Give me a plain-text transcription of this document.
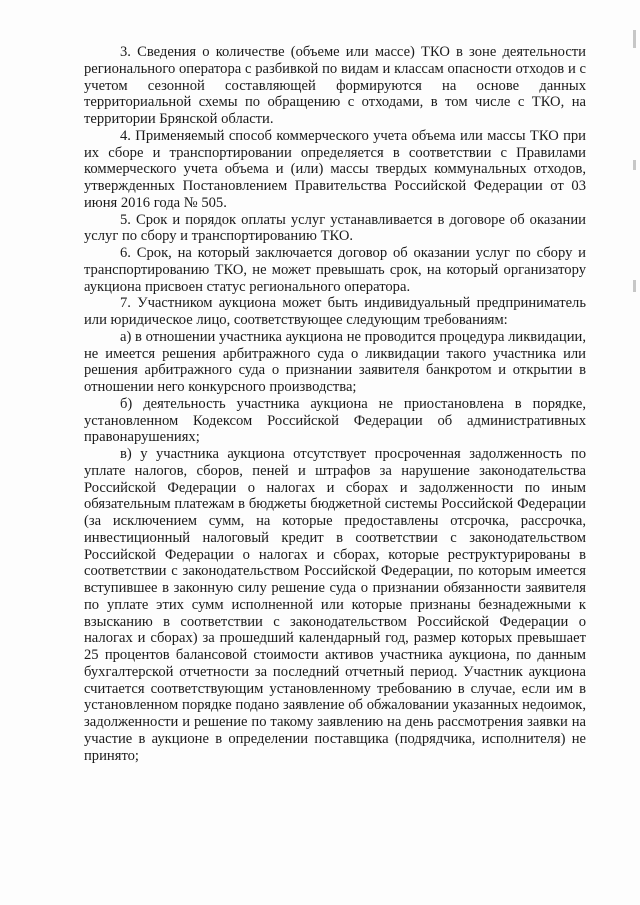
3. Сведения о количестве (объеме или массе) ТКО в зоне деятельности регионального оператора с разбивкой по видам и классам опасности отходов и с учетом сезонной составляющей формируются на основе данных территориальной схемы по обращению с отходами, в том числе с ТКО, на территории Брянской области.

4. Применяемый способ коммерческого учета объема или массы ТКО при их сборе и транспортировании определяется в соответствии с Правилами коммерческого учета объема и (или) массы твердых коммунальных отходов, утвержденных Постановлением Правительства Российской Федерации от 03 июня 2016 года № 505.

5. Срок и порядок оплаты услуг устанавливается в договоре об оказании услуг по сбору и транспортированию ТКО.

6. Срок, на который заключается договор об оказании услуг по сбору и транспортированию ТКО, не может превышать срок, на который организатору аукциона присвоен статус регионального оператора.

7. Участником аукциона может быть индивидуальный предприниматель или юридическое лицо, соответствующее следующим требованиям:

а) в отношении участника аукциона не проводится процедура ликвидации, не имеется решения арбитражного суда о ликвидации такого участника или решения арбитражного суда о признании заявителя банкротом и открытии в отношении него конкурсного производства;

б) деятельность участника аукциона не приостановлена в порядке, установленном Кодексом Российской Федерации об административных правонарушениях;

в) у участника аукциона отсутствует просроченная задолженность по уплате налогов, сборов, пеней и штрафов за нарушение законодательства Российской Федерации о налогах и сборах и задолженности по иным обязательным платежам в бюджеты бюджетной системы Российской Федерации (за исключением сумм, на которые предоставлены отсрочка, рассрочка, инвестиционный налоговый кредит в соответствии с законодательством Российской Федерации о налогах и сборах, которые реструктурированы в соответствии с законодательством Российской Федерации, по которым имеется вступившее в законную силу решение суда о признании обязанности заявителя по уплате этих сумм исполненной или которые признаны безнадежными к взысканию в соответствии с законодательством Российской Федерации о налогах и сборах) за прошедший календарный год, размер которых превышает 25 процентов балансовой стоимости активов участника аукциона, по данным бухгалтерской отчетности за последний отчетный период. Участник аукциона считается соответствующим установленному требованию в случае, если им в установленном порядке подано заявление об обжаловании указанных недоимок, задолженности и решение по такому заявлению на день рассмотрения заявки на участие в аукционе в определении поставщика (подрядчика, исполнителя) не принято;
